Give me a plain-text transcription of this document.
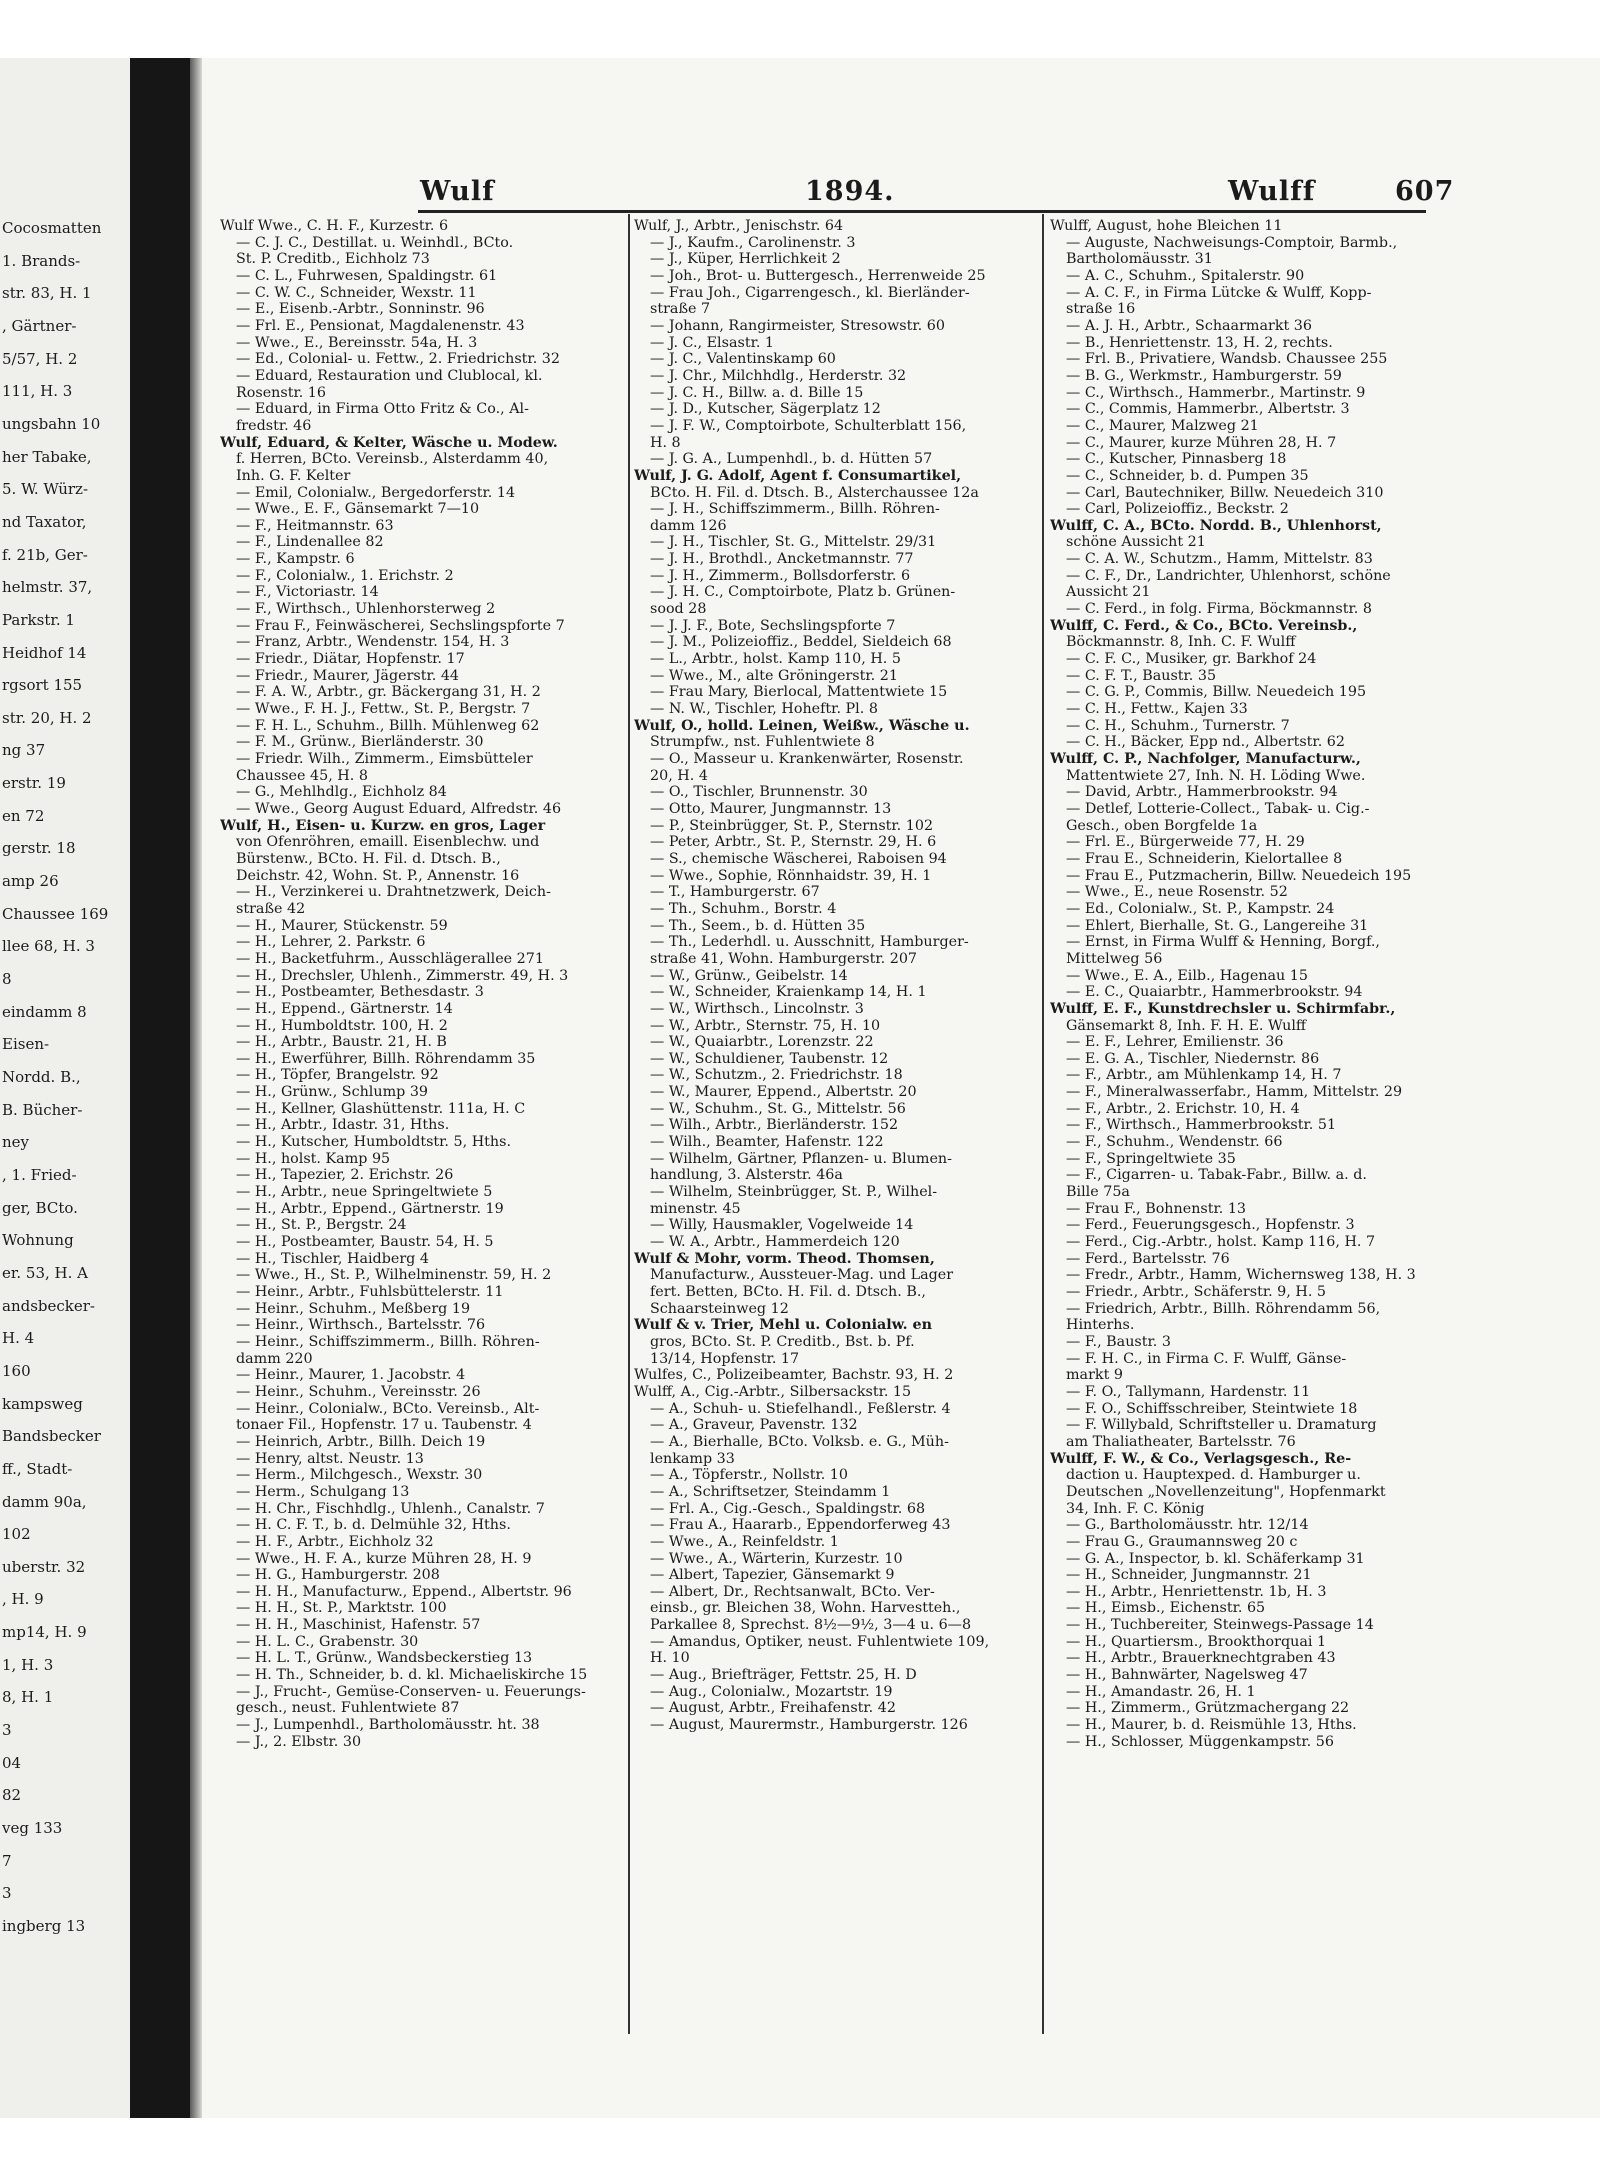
Cocosmatten
1. Brands-
str. 83, H. 1
, Gärtner-
5/57, H. 2
111, H. 3
ungsbahn 10
her Tabake,
5. W. Würz-
nd Taxator,
f. 21b, Ger-
helmstr. 37,
Parkstr. 1
Heidhof 14
rgsort 155
str. 20, H. 2
ng 37
erstr. 19
en 72
gerstr. 18
amp 26
Chaussee 169
llee 68, H. 3
8
eindamm 8
Eisen-
Nordd. B.,
B. Bücher-
ney
, 1. Fried-
ger, BCto.
Wohnung
er. 53, H. A
andsbecker-
H. 4
160
kampsweg
Bandsbecker
ff., Stadt-
damm 90a,
102
uberstr. 32
, H. 9
mp14, H. 9
1, H. 3
8, H. 1
3
04
82
veg 133
7
3
ingberg 13
Wulf	1894.	Wulff	607
Wulf Wwe., C. H. F., Kurzestr. 6
— C. J. C., Destillat. u. Weinhdl., BCto.
St. P. Creditb., Eichholz 73
— C. L., Fuhrwesen, Spaldingstr. 61
— C. W. C., Schneider, Wexstr. 11
— E., Eisenb.-Arbtr., Sonninstr. 96
— Frl. E., Pensionat, Magdalenenstr. 43
— Wwe., E., Bereinsstr. 54a, H. 3
— Ed., Colonial- u. Fettw., 2. Friedrichstr. 32
— Eduard, Restauration und Clublocal, kl.
Rosenstr. 16
— Eduard, in Firma Otto Fritz & Co., Al-
fredstr. 46
Wulf, Eduard, & Kelter, Wäsche u. Modew.
f. Herren, BCto. Vereinsb., Alsterdamm 40,
Inh. G. F. Kelter
— Emil, Colonialw., Bergedorferstr. 14
— Wwe., E. F., Gänsemarkt 7—10
— F., Heitmannstr. 63
— F., Lindenallee 82
— F., Kampstr. 6
— F., Colonialw., 1. Erichstr. 2
— F., Victoriastr. 14
— F., Wirthsch., Uhlenhorsterweg 2
— Frau F., Feinwäscherei, Sechslingspforte 7
— Franz, Arbtr., Wendenstr. 154, H. 3
— Friedr., Diätar, Hopfenstr. 17
— Friedr., Maurer, Jägerstr. 44
— F. A. W., Arbtr., gr. Bäckergang 31, H. 2
— Wwe., F. H. J., Fettw., St. P., Bergstr. 7
— F. H. L., Schuhm., Billh. Mühlenweg 62
— F. M., Grünw., Bierländerstr. 30
— Friedr. Wilh., Zimmerm., Eimsbütteler
Chaussee 45, H. 8
— G., Mehlhdlg., Eichholz 84
— Wwe., Georg August Eduard, Alfredstr. 46
Wulf, H., Eisen- u. Kurzw. en gros, Lager
von Ofenröhren, emaill. Eisenblechw. und
Bürstenw., BCto. H. Fil. d. Dtsch. B.,
Deichstr. 42, Wohn. St. P., Annenstr. 16
— H., Verzinkerei u. Drahtnetzwerk, Deich-
straße 42
— H., Maurer, Stückenstr. 59
— H., Lehrer, 2. Parkstr. 6
— H., Backetfuhrm., Ausschlägerallee 271
— H., Drechsler, Uhlenh., Zimmerstr. 49, H. 3
— H., Postbeamter, Bethesdastr. 3
— H., Eppend., Gärtnerstr. 14
— H., Humboldtstr. 100, H. 2
— H., Arbtr., Baustr. 21, H. B
— H., Ewerführer, Billh. Röhrendamm 35
— H., Töpfer, Brangelstr. 92
— H., Grünw., Schlump 39
— H., Kellner, Glashüttenstr. 111a, H. C
— H., Arbtr., Idastr. 31, Hths.
— H., Kutscher, Humboldtstr. 5, Hths.
— H., holst. Kamp 95
— H., Tapezier, 2. Erichstr. 26
— H., Arbtr., neue Springeltwiete 5
— H., Arbtr., Eppend., Gärtnerstr. 19
— H., St. P., Bergstr. 24
— H., Postbeamter, Baustr. 54, H. 5
— H., Tischler, Haidberg 4
— Wwe., H., St. P., Wilhelminenstr. 59, H. 2
— Heinr., Arbtr., Fuhlsbüttelerstr. 11
— Heinr., Schuhm., Meßberg 19
— Heinr., Wirthsch., Bartelsstr. 76
— Heinr., Schiffszimmerm., Billh. Röhren-
damm 220
— Heinr., Maurer, 1. Jacobstr. 4
— Heinr., Schuhm., Vereinsstr. 26
— Heinr., Colonialw., BCto. Vereinsb., Alt-
tonaer Fil., Hopfenstr. 17 u. Taubenstr. 4
— Heinrich, Arbtr., Billh. Deich 19
— Henry, altst. Neustr. 13
— Herm., Milchgesch., Wexstr. 30
— Herm., Schulgang 13
— H. Chr., Fischhdlg., Uhlenh., Canalstr. 7
— H. C. F. T., b. d. Delmühle 32, Hths.
— H. F., Arbtr., Eichholz 32
— Wwe., H. F. A., kurze Mühren 28, H. 9
— H. G., Hamburgerstr. 208
— H. H., Manufacturw., Eppend., Albertstr. 96
— H. H., St. P., Marktstr. 100
— H. H., Maschinist, Hafenstr. 57
— H. L. C., Grabenstr. 30
— H. L. T., Grünw., Wandsbeckerstieg 13
— H. Th., Schneider, b. d. kl. Michaeliskirche 15
— J., Frucht-, Gemüse-Conserven- u. Feuerungs-
gesch., neust. Fuhlentwiete 87
— J., Lumpenhdl., Bartholomäusstr. ht. 38
— J., 2. Elbstr. 30
Wulf, J., Arbtr., Jenischstr. 64
— J., Kaufm., Carolinenstr. 3
— J., Küper, Herrlichkeit 2
— Joh., Brot- u. Buttergesch., Herrenweide 25
— Frau Joh., Cigarrengesch., kl. Bierländer-
straße 7
— Johann, Rangirmeister, Stresowstr. 60
— J. C., Elsastr. 1
— J. C., Valentinskamp 60
— J. Chr., Milchhdlg., Herderstr. 32
— J. C. H., Billw. a. d. Bille 15
— J. D., Kutscher, Sägerplatz 12
— J. F. W., Comptoirbote, Schulterblatt 156,
H. 8
— J. G. A., Lumpenhdl., b. d. Hütten 57
Wulf, J. G. Adolf, Agent f. Consumartikel,
BCto. H. Fil. d. Dtsch. B., Alsterchaussee 12a
— J. H., Schiffszimmerm., Billh. Röhren-
damm 126
— J. H., Tischler, St. G., Mittelstr. 29/31
— J. H., Brothdl., Ancketmannstr. 77
— J. H., Zimmerm., Bollsdorferstr. 6
— J. H. C., Comptoirbote, Platz b. Grünen-
sood 28
— J. J. F., Bote, Sechslingspforte 7
— J. M., Polizeioffiz., Beddel, Sieldeich 68
— L., Arbtr., holst. Kamp 110, H. 5
— Wwe., M., alte Gröningerstr. 21
— Frau Mary, Bierlocal, Mattentwiete 15
— N. W., Tischler, Hoheftr. Pl. 8
Wulf, O., holld. Leinen, Weißw., Wäsche u.
Strumpfw., nst. Fuhlentwiete 8
— O., Masseur u. Krankenwärter, Rosenstr.
20, H. 4
— O., Tischler, Brunnenstr. 30
— Otto, Maurer, Jungmannstr. 13
— P., Steinbrügger, St. P., Sternstr. 102
— Peter, Arbtr., St. P., Sternstr. 29, H. 6
— S., chemische Wäscherei, Raboisen 94
— Wwe., Sophie, Rönnhaidstr. 39, H. 1
— T., Hamburgerstr. 67
— Th., Schuhm., Borstr. 4
— Th., Seem., b. d. Hütten 35
— Th., Lederhdl. u. Ausschnitt, Hamburger-
straße 41, Wohn. Hamburgerstr. 207
— W., Grünw., Geibelstr. 14
— W., Schneider, Kraienkamp 14, H. 1
— W., Wirthsch., Lincolnstr. 3
— W., Arbtr., Sternstr. 75, H. 10
— W., Quaiarbtr., Lorenzstr. 22
— W., Schuldiener, Taubenstr. 12
— W., Schutzm., 2. Friedrichstr. 18
— W., Maurer, Eppend., Albertstr. 20
— W., Schuhm., St. G., Mittelstr. 56
— Wilh., Arbtr., Bierländerstr. 152
— Wilh., Beamter, Hafenstr. 122
— Wilhelm, Gärtner, Pflanzen- u. Blumen-
handlung, 3. Alsterstr. 46a
— Wilhelm, Steinbrügger, St. P., Wilhel-
minenstr. 45
— Willy, Hausmakler, Vogelweide 14
— W. A., Arbtr., Hammerdeich 120
Wulf & Mohr, vorm. Theod. Thomsen,
Manufacturw., Aussteuer-Mag. und Lager
fert. Betten, BCto. H. Fil. d. Dtsch. B.,
Schaarsteinweg 12
Wulf & v. Trier, Mehl u. Colonialw. en
gros, BCto. St. P. Creditb., Bst. b. Pf.
13/14, Hopfenstr. 17
Wulfes, C., Polizeibeamter, Bachstr. 93, H. 2
Wulff, A., Cig.-Arbtr., Silbersackstr. 15
— A., Schuh- u. Stiefelhandl., Feßlerstr. 4
— A., Graveur, Pavenstr. 132
— A., Bierhalle, BCto. Volksb. e. G., Müh-
lenkamp 33
— A., Töpferstr., Nollstr. 10
— A., Schriftsetzer, Steindamm 1
— Frl. A., Cig.-Gesch., Spaldingstr. 68
— Frau A., Haararb., Eppendorferweg 43
— Wwe., A., Reinfeldstr. 1
— Wwe., A., Wärterin, Kurzestr. 10
— Albert, Tapezier, Gänsemarkt 9
— Albert, Dr., Rechtsanwalt, BCto. Ver-
einsb., gr. Bleichen 38, Wohn. Harvestteh.,
Parkallee 8, Sprechst. 8½—9½, 3—4 u. 6—8
— Amandus, Optiker, neust. Fuhlentwiete 109,
H. 10
— Aug., Briefträger, Fettstr. 25, H. D
— Aug., Colonialw., Mozartstr. 19
— August, Arbtr., Freihafenstr. 42
— August, Maurermstr., Hamburgerstr. 126
Wulff, August, hohe Bleichen 11
— Auguste, Nachweisungs-Comptoir, Barmb.,
Bartholomäusstr. 31
— A. C., Schuhm., Spitalerstr. 90
— A. C. F., in Firma Lütcke & Wulff, Kopp-
straße 16
— A. J. H., Arbtr., Schaarmarkt 36
— B., Henriettenstr. 13, H. 2, rechts.
— Frl. B., Privatiere, Wandsb. Chaussee 255
— B. G., Werkmstr., Hamburgerstr. 59
— C., Wirthsch., Hammerbr., Martinstr. 9
— C., Commis, Hammerbr., Albertstr. 3
— C., Maurer, Malzweg 21
— C., Maurer, kurze Mühren 28, H. 7
— C., Kutscher, Pinnasberg 18
— C., Schneider, b. d. Pumpen 35
— Carl, Bautechniker, Billw. Neuedeich 310
— Carl, Polizeioffiz., Beckstr. 2
Wulff, C. A., BCto. Nordd. B., Uhlenhorst,
schöne Aussicht 21
— C. A. W., Schutzm., Hamm, Mittelstr. 83
— C. F., Dr., Landrichter, Uhlenhorst, schöne
Aussicht 21
— C. Ferd., in folg. Firma, Böckmannstr. 8
Wulff, C. Ferd., & Co., BCto. Vereinsb.,
Böckmannstr. 8, Inh. C. F. Wulff
— C. F. C., Musiker, gr. Barkhof 24
— C. F. T., Baustr. 35
— C. G. P., Commis, Billw. Neuedeich 195
— C. H., Fettw., Kajen 33
— C. H., Schuhm., Turnerstr. 7
— C. H., Bäcker, Epp nd., Albertstr. 62
Wulff, C. P., Nachfolger, Manufacturw.,
Mattentwiete 27, Inh. N. H. Löding Wwe.
— David, Arbtr., Hammerbrookstr. 94
— Detlef, Lotterie-Collect., Tabak- u. Cig.-
Gesch., oben Borgfelde 1a
— Frl. E., Bürgerweide 77, H. 29
— Frau E., Schneiderin, Kielortallee 8
— Frau E., Putzmacherin, Billw. Neuedeich 195
— Wwe., E., neue Rosenstr. 52
— Ed., Colonialw., St. P., Kampstr. 24
— Ehlert, Bierhalle, St. G., Langereihe 31
— Ernst, in Firma Wulff & Henning, Borgf.,
Mittelweg 56
— Wwe., E. A., Eilb., Hagenau 15
— E. C., Quaiarbtr., Hammerbrookstr. 94
Wulff, E. F., Kunstdrechsler u. Schirmfabr.,
Gänsemarkt 8, Inh. F. H. E. Wulff
— E. F., Lehrer, Emilienstr. 36
— E. G. A., Tischler, Niedernstr. 86
— F., Arbtr., am Mühlenkamp 14, H. 7
— F., Mineralwasserfabr., Hamm, Mittelstr. 29
— F., Arbtr., 2. Erichstr. 10, H. 4
— F., Wirthsch., Hammerbrookstr. 51
— F., Schuhm., Wendenstr. 66
— F., Springeltwiete 35
— F., Cigarren- u. Tabak-Fabr., Billw. a. d.
Bille 75a
— Frau F., Bohnenstr. 13
— Ferd., Feuerungsgesch., Hopfenstr. 3
— Ferd., Cig.-Arbtr., holst. Kamp 116, H. 7
— Ferd., Bartelsstr. 76
— Fredr., Arbtr., Hamm, Wichernsweg 138, H. 3
— Friedr., Arbtr., Schäferstr. 9, H. 5
— Friedrich, Arbtr., Billh. Röhrendamm 56,
Hinterhs.
— F., Baustr. 3
— F. H. C., in Firma C. F. Wulff, Gänse-
markt 9
— F. O., Tallymann, Hardenstr. 11
— F. O., Schiffsschreiber, Steintwiete 18
— F. Willybald, Schriftsteller u. Dramaturg
am Thaliatheater, Bartelsstr. 76
Wulff, F. W., & Co., Verlagsgesch., Re-
daction u. Hauptexped. d. Hamburger u.
Deutschen „Novellenzeitung", Hopfenmarkt
34, Inh. F. C. König
— G., Bartholomäusstr. htr. 12/14
— Frau G., Graumannsweg 20 c
— G. A., Inspector, b. kl. Schäferkamp 31
— H., Schneider, Jungmannstr. 21
— H., Arbtr., Henriettenstr. 1b, H. 3
— H., Eimsb., Eichenstr. 65
— H., Tuchbereiter, Steinwegs-Passage 14
— H., Quartiersm., Brookthorquai 1
— H., Arbtr., Brauerknechtgraben 43
— H., Bahnwärter, Nagelsweg 47
— H., Amandastr. 26, H. 1
— H., Zimmerm., Grützmachergang 22
— H., Maurer, b. d. Reismühle 13, Hths.
— H., Schlosser, Müggenkampstr. 56
